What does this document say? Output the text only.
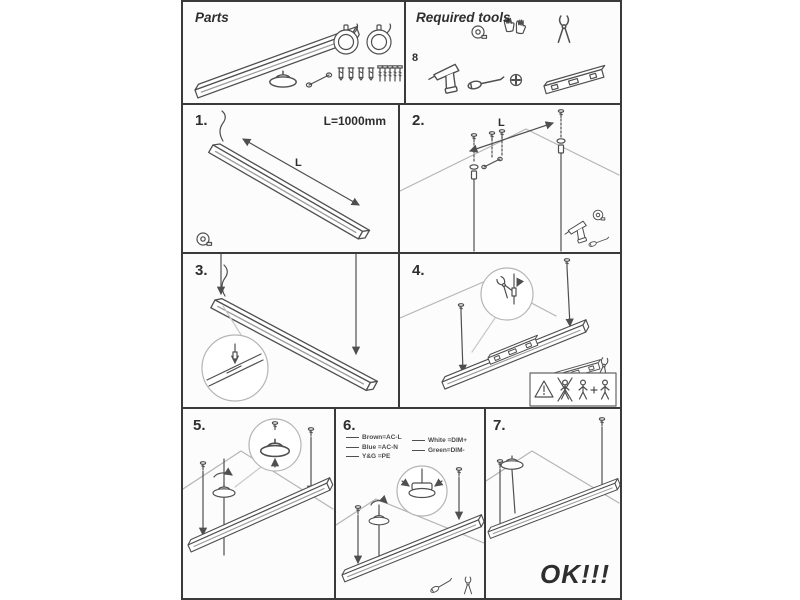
Parts	Required tools
8
1.	L=1000mm
L
2.	L
3.	4.
5.	6.
Brown=AC-L
Blue =AC-N
Y&G =PE
White =DIM+
Green=DIM-
7.
OK!!!
